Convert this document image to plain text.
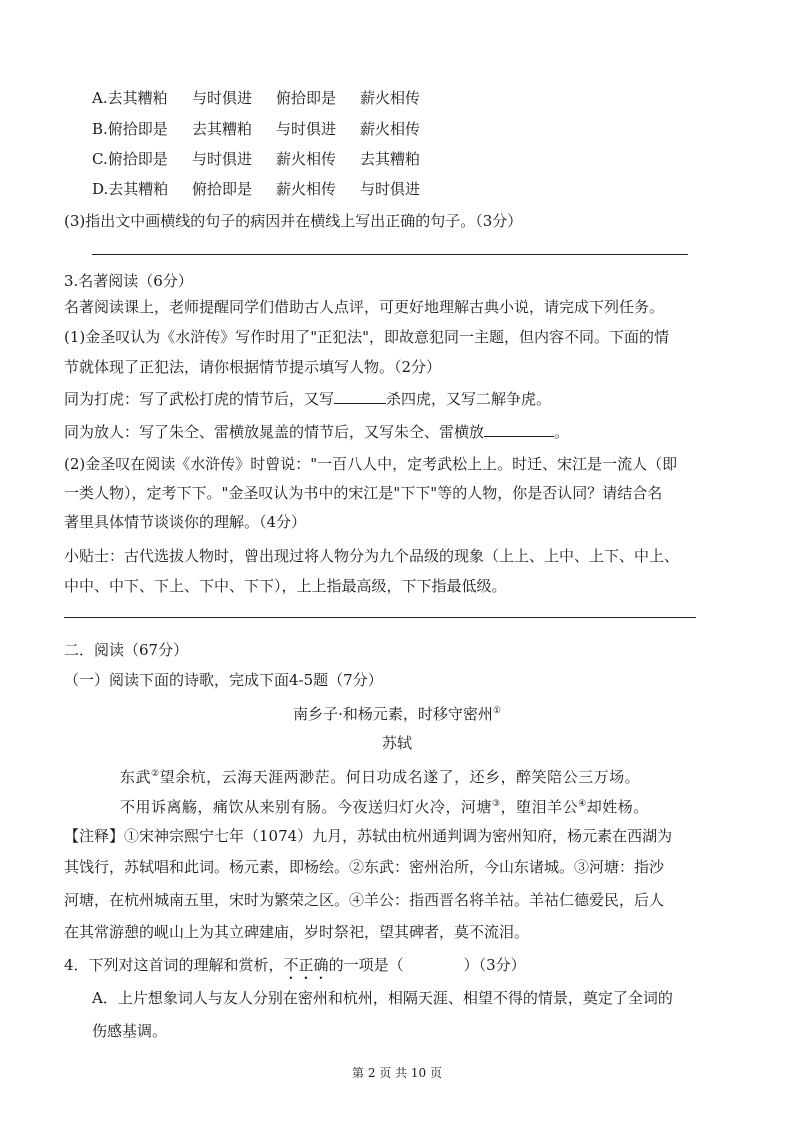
A.去其糟粕 与时俱进 俯拾即是 薪火相传
B.俯拾即是 去其糟粕 与时俱进 薪火相传
C.俯拾即是 与时俱进 薪火相传 去其糟粕
D.去其糟粕 俯拾即是 薪火相传 与时俱进
(3)指出文中画横线的句子的病因并在横线上写出正确的句子。（3分）
3.名著阅读（6分）
名著阅读课上，老师提醒同学们借助古人点评，可更好地理解古典小说，请完成下列任务。
(1)金圣叹认为《水浒传》写作时用了"正犯法"，即故意犯同一主题，但内容不同。下面的情
节就体现了正犯法，请你根据情节提示填写人物。（2分）
同为打虎：写了武松打虎的情节后，又写	杀四虎，又写二解争虎。
同为放人：写了朱仝、雷横放晁盖的情节后，又写朱仝、雷横放	。
(2)金圣叹在阅读《水浒传》时曾说："一百八人中，定考武松上上。时迁、宋江是一流人（即
一类人物），定考下下。"金圣叹认为书中的宋江是"下下"等的人物，你是否认同？请结合名
著里具体情节谈谈你的理解。（4分）
小贴士：古代选拔人物时，曾出现过将人物分为九个品级的现象（上上、上中、上下、中上、
中中、中下、下上、下中、下下），上上指最高级，下下指最低级。
二．阅读（67分）
（一）阅读下面的诗歌，完成下面4-5题（7分）
南乡子·和杨元素，时移守密州①
苏轼
东武②望余杭，云海天涯两渺茫。何日功成名遂了，还乡，醉笑陪公三万场。
不用诉离觞，痛饮从来别有肠。今夜送归灯火冷，河塘③，堕泪羊公④却姓杨。
【注释】①宋神宗熙宁七年（1074）九月，苏轼由杭州通判调为密州知府，杨元素在西湖为
其饯行，苏轼唱和此词。杨元素，即杨绘。②东武：密州治所，今山东诸城。③河塘：指沙
河塘，在杭州城南五里，宋时为繁荣之区。④羊公：指西晋名将羊祜。羊祜仁德爱民，后人
在其常游憩的岘山上为其立碑建庙，岁时祭祀，望其碑者，莫不流泪。
4．下列对这首词的理解和赏析，不正确的一项是（	）（3分）
A．上片想象词人与友人分别在密州和杭州，相隔天涯、相望不得的情景，奠定了全词的
伤感基调。
第 2 页 共 10 页
